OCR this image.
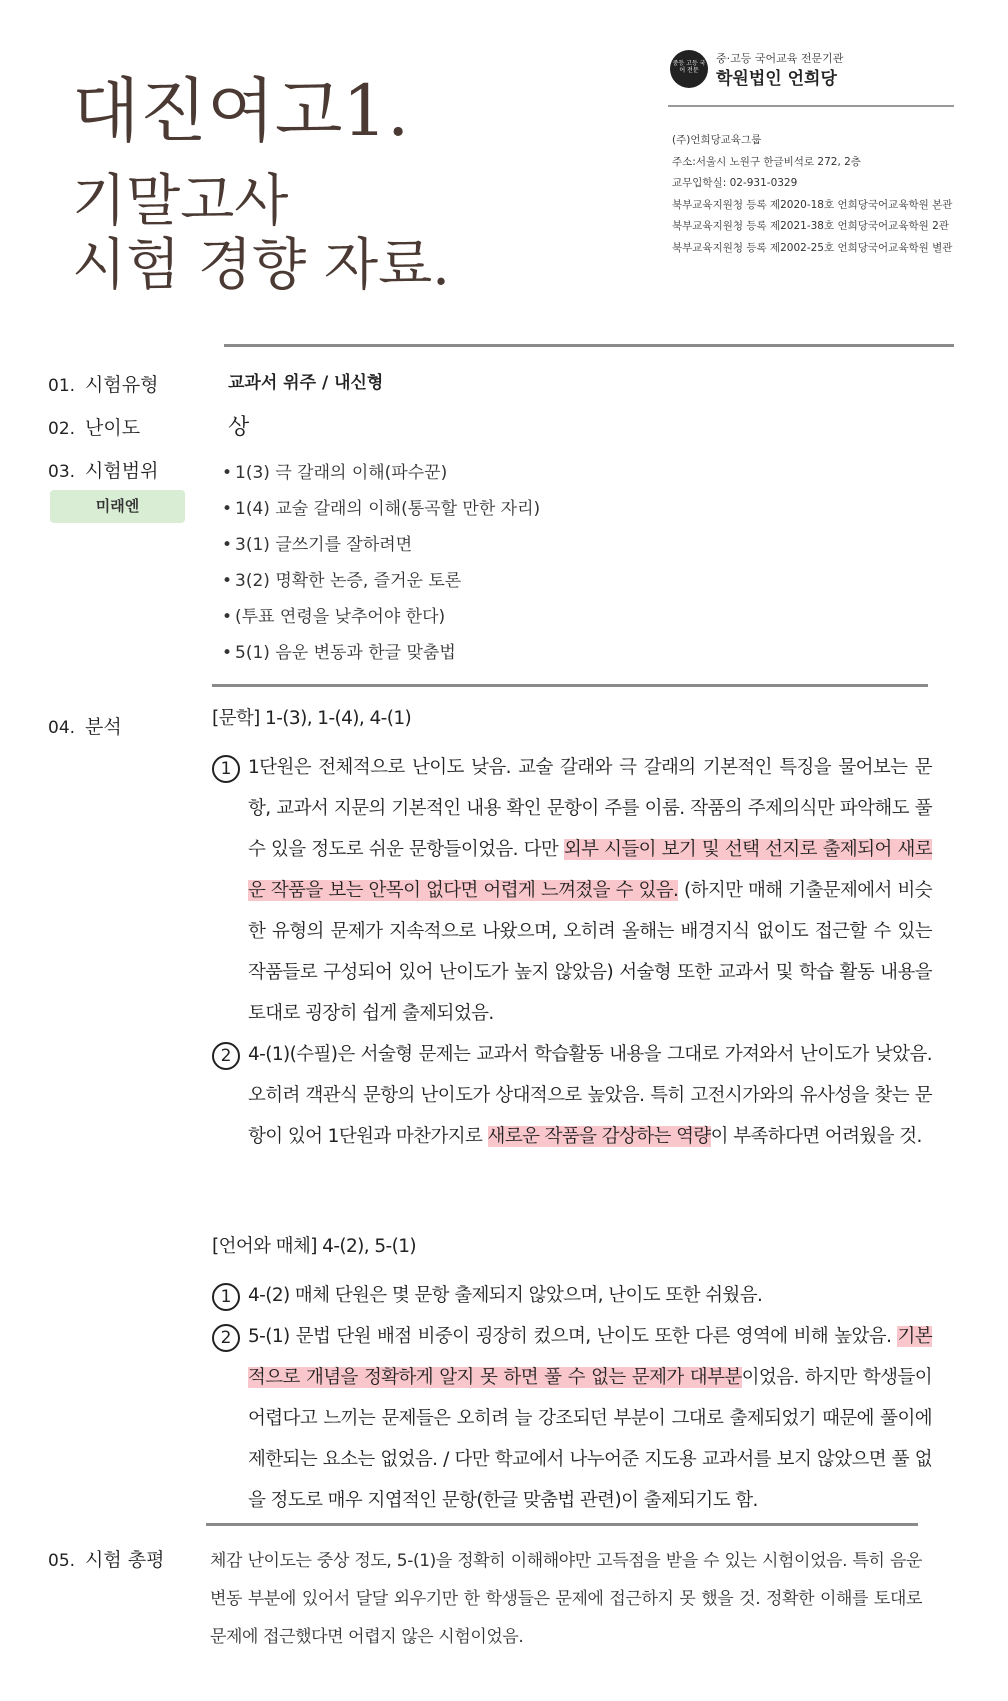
대진여고1.
기말고사
시험 경향 자료.
중등 고등 국어 전문
중·고등 국어교육 전문기관
학원법인 언희당
(주)언희당교육그룹
주소:서울시 노원구 한글비석로 272, 2층
교무입학실: 02-931-0329
북부교육지원청 등록 제2020-18호 언희당국어교육학원 본관
북부교육지원청 등록 제2021-38호 언희당국어교육학원 2관
북부교육지원청 등록 제2002-25호 언희당국어교육학원 별관
01. 시험유형
02. 난이도
03. 시험범위
04. 분석
05. 시험 총평
미래엔
교과서 위주 / 내신형
상
• 1(3) 극 갈래의 이해(파수꾼)
• 1(4) 교술 갈래의 이해(통곡할 만한 자리)
• 3(1) 글쓰기를 잘하려면
• 3(2) 명확한 논증, 즐거운 토론
• (투표 연령을 낮추어야 한다)
• 5(1) 음운 변동과 한글 맞춤법
[문학] 1-(3), 1-(4), 4-(1)
1 1단원은 전체적으로 난이도 낮음. 교술 갈래와 극 갈래의 기본적인 특징을 물어보는 문항, 교과서 지문의 기본적인 내용 확인 문항이 주를 이룸. 작품의 주제의식만 파악해도 풀 수 있을 정도로 쉬운 문항들이었음. 다만 외부 시들이 보기 및 선택 선지로 출제되어 새로운 작품을 보는 안목이 없다면 어렵게 느껴졌을 수 있음. (하지만 매해 기출문제에서 비슷한 유형의 문제가 지속적으로 나왔으며, 오히려 올해는 배경지식 없이도 접근할 수 있는 작품들로 구성되어 있어 난이도가 높지 않았음) 서술형 또한 교과서 및 학습 활동 내용을 토대로 굉장히 쉽게 출제되었음.
2 4-(1)(수필)은 서술형 문제는 교과서 학습활동 내용을 그대로 가져와서 난이도가 낮았음. 오히려 객관식 문항의 난이도가 상대적으로 높았음. 특히 고전시가와의 유사성을 찾는 문항이 있어 1단원과 마찬가지로 새로운 작품을 감상하는 역량이 부족하다면 어려웠을 것.
[언어와 매체] 4-(2), 5-(1)
1 4-(2) 매체 단원은 몇 문항 출제되지 않았으며, 난이도 또한 쉬웠음.
2 5-(1) 문법 단원 배점 비중이 굉장히 컸으며, 난이도 또한 다른 영역에 비해 높았음. 기본적으로 개념을 정확하게 알지 못 하면 풀 수 없는 문제가 대부분이었음. 하지만 학생들이 어렵다고 느끼는 문제들은 오히려 늘 강조되던 부분이 그대로 출제되었기 때문에 풀이에 제한되는 요소는 없었음. / 다만 학교에서 나누어준 지도용 교과서를 보지 않았으면 풀 없을 정도로 매우 지엽적인 문항(한글 맞춤법 관련)이 출제되기도 함.
체감 난이도는 중상 정도, 5-(1)을 정확히 이해해야만 고득점을 받을 수 있는 시험이었음. 특히 음운 변동 부분에 있어서 달달 외우기만 한 학생들은 문제에 접근하지 못 했을 것. 정확한 이해를 토대로 문제에 접근했다면 어렵지 않은 시험이었음.
